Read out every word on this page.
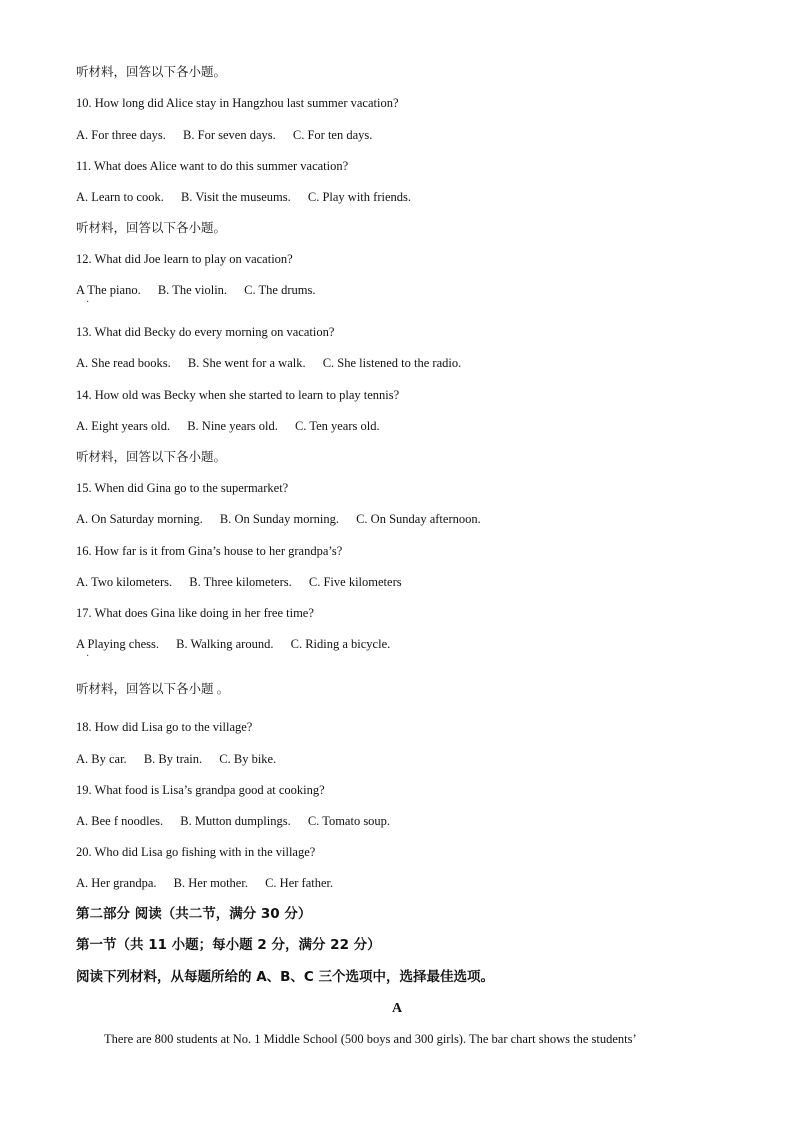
听材料，回答以下各小题。
10. How long did Alice stay in Hangzhou last summer vacation?
A. For three days. B. For seven days. C. For ten days.
11. What does Alice want to do this summer vacation?
A. Learn to cook. B. Visit the museums. C. Play with friends.
听材料，回答以下各小题。
12. What did Joe learn to play on vacation?
A The piano. B. The violin. C. The drums.
·
13. What did Becky do every morning on vacation?
A. She read books. B. She went for a walk. C. She listened to the radio.
14. How old was Becky when she started to learn to play tennis?
A. Eight years old. B. Nine years old. C. Ten years old.
听材料，回答以下各小题。
15. When did Gina go to the supermarket?
A. On Saturday morning. B. On Sunday morning. C. On Sunday afternoon.
16. How far is it from Gina’s house to her grandpa’s?
A. Two kilometers. B. Three kilometers. C. Five kilometers
17. What does Gina like doing in her free time?
A Playing chess. B. Walking around. C. Riding a bicycle.
·
听材料，回答以下各小题 。
18. How did Lisa go to the village?
A. By car. B. By train. C. By bike.
19. What food is Lisa’s grandpa good at cooking?
A. Bee f noodles. B. Mutton dumplings. C. Tomato soup.
20. Who did Lisa go fishing with in the village?
A. Her grandpa. B. Her mother. C. Her father.
第二部分 阅读（共二节，满分 30 分）
第一节（共 11 小题；每小题 2 分，满分 22 分）
阅读下列材料，从每题所给的 A、B、C 三个选项中，选择最佳选项。
A
There are 800 students at No. 1 Middle School (500 boys and 300 girls). The bar chart shows the students’
